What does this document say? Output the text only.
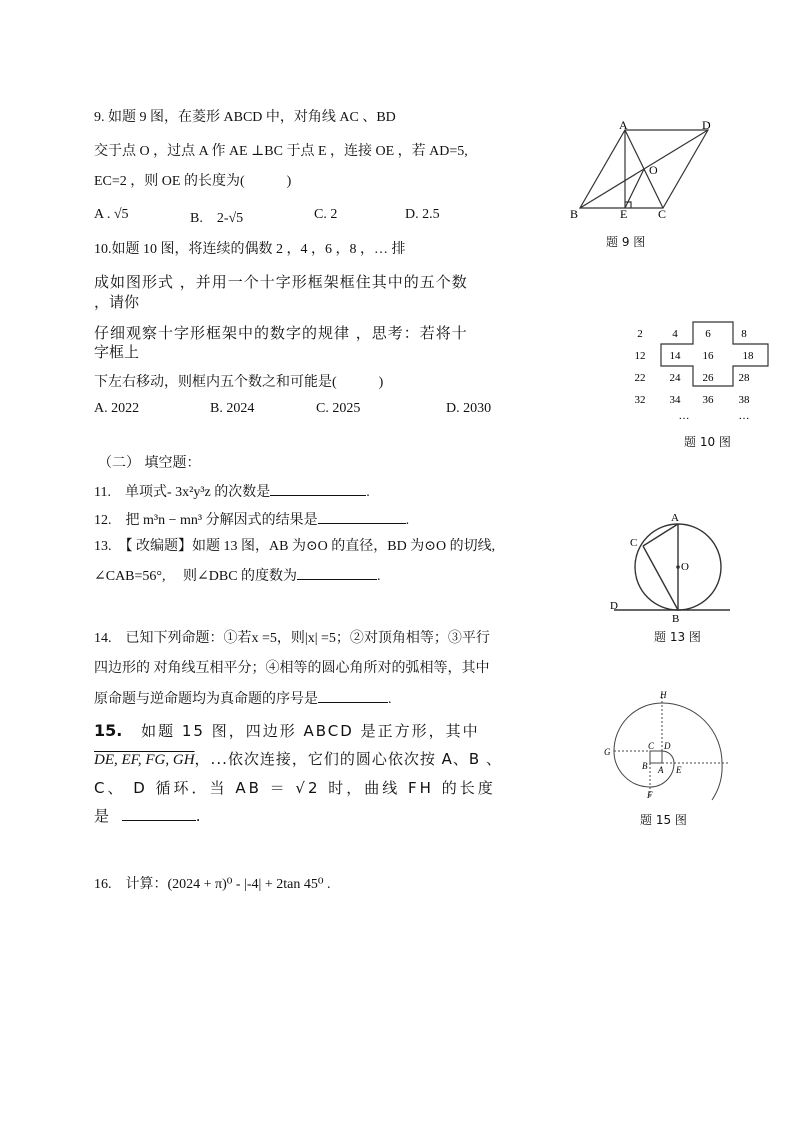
9. 如题 9 图，在菱形 ABCD 中，对角线 AC 、BD
交于点 O ，过点 A 作 AE ⊥BC 于点 E ，连接 OE ，若 AD=5,
EC=2 ，则 OE 的长度为(　　　)
A . √5	B.　2-√5	C. 2	D. 2.5
A	D
O
B	E	C
题 9 图
10.如题 10 图，将连续的偶数 2 ，4 ，6 ，8 ，… 排
成如图形式 ，并用一个十字形框架框住其中的五个数
，请你
仔细观察十字形框架中的数字的规律 ，思考：若将十
字框上
下左右移动，则框内五个数之和可能是(　　　)
A. 2022	B. 2024	C. 2025	D. 2030
2	4	6	8
12 14 16	18
22 24 26 28
32 34 36 38
…	…
题 10 图
（二） 填空题：
11.　单项式- 3x²y³z 的次数是	.
12.　把 m³n − mn³ 分解因式的结果是	.
13.　【 改编题】如题 13 图，AB 为⊙O 的直径，BD 为⊙O 的切线,
∠CAB=56°,　 则∠DBC 的度数为	.
A
C
O
D
B
题 13 图
14.　已知下列命题：①若x =5，则|x| =5；②对顶角相等；③平行
四边形的 对角线互相平分；④相等的圆心角所对的弧相等，其中
原命题与逆命题均为真命题的序号是	.
15. 如题 15 图，四边形 ABCD 是正方形，其中
DE, EF, FG, GH，...依次连接，它们的圆心依次按 A、B 、
C、 D 循环．当 AB ＝ √2 时，曲线 FH 的长度
是	.
H
G
C D
B A E
F
题 15 图
16.　计算：(2024 + π)⁰ - |-4| + 2tan 45⁰ .
